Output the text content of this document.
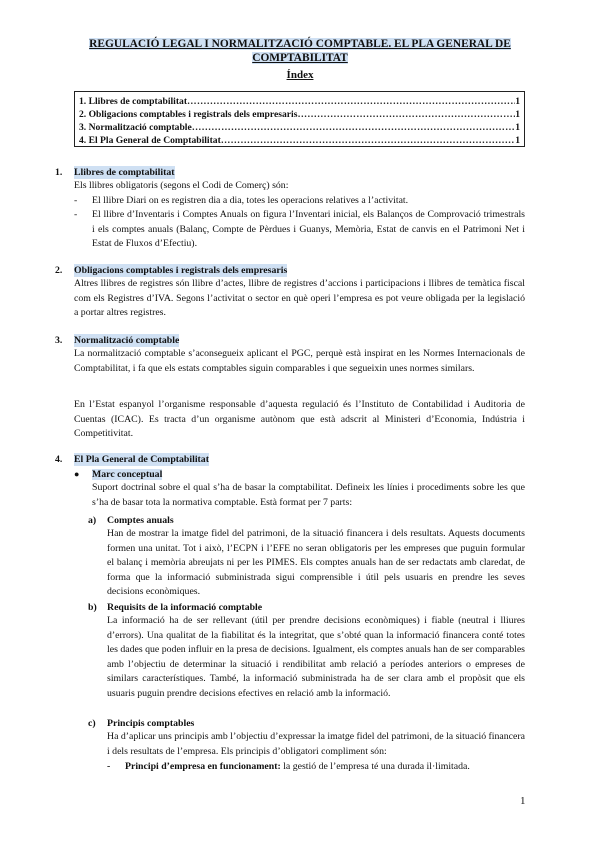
REGULACIÓ LEGAL I NORMALITZACIÓ COMPTABLE. EL PLA GENERAL DE
COMPTABILITAT
Índex
1. Llibres de comptabilitat ………………………………………………………………………………………………………………………………	1
2. Obligacions comptables i registrals dels empresaris ………………………………………………………………………………………………………………………………	1
3. Normalització comptable ………………………………………………………………………………………………………………………………	1
4. El Pla General de Comptabilitat ………………………………………………………………………………………………………………………………	1
1. Llibres de comptabilitat
Els llibres obligatoris (segons el Codi de Comerç) són:
- El llibre Diari on es registren dia a dia, totes les operacions relatives a l’activitat.
- El llibre d’Inventaris i Comptes Anuals on figura l’Inventari inicial, els Balanços de Comprovació trimestrals i els comptes anuals (Balanç, Compte de Pèrdues i Guanys, Memòria, Estat de canvis en el Patrimoni Net i Estat de Fluxos d’Efectiu).
2. Obligacions comptables i registrals dels empresaris
Altres llibres de registres són llibre d’actes, llibre de registres d’accions i participacions i llibres de temàtica fiscal com els Registres d’IVA. Segons l’activitat o sector en què operi l’empresa es pot veure obligada per la legislació a portar altres registres.
3. Normalització comptable
La normalització comptable s’aconsegueix aplicant el PGC, perquè està inspirat en les Normes Internacionals de Comptabilitat, i fa que els estats comptables siguin comparables i que segueixin unes normes similars.
En l’Estat espanyol l’organisme responsable d’aquesta regulació és l’Instituto de Contabilidad i Auditoria de Cuentas (ICAC). Es tracta d’un organisme autònom que està adscrit al Ministeri d’Economia, Indústria i Competitivitat.
4. El Pla General de Comptabilitat
● Marc conceptual
Suport doctrinal sobre el qual s’ha de basar la comptabilitat. Defineix les línies i procediments sobre les que s’ha de basar tota la normativa comptable. Està format per 7 parts:
a) Comptes anuals
Han de mostrar la imatge fidel del patrimoni, de la situació financera i dels resultats. Aquests documents formen una unitat. Tot i això, l’ECPN i l’EFE no seran obligatoris per les empreses que puguin formular el balanç i memòria abreujats ni per les PIMES. Els comptes anuals han de ser redactats amb claredat, de forma que la informació subministrada sigui comprensible i útil pels usuaris en prendre les seves decisions econòmiques.
b) Requisits de la informació comptable
La informació ha de ser rellevant (útil per prendre decisions econòmiques) i fiable (neutral i lliures d’errors). Una qualitat de la fiabilitat és la integritat, que s’obté quan la informació financera conté totes les dades que poden influir en la presa de decisions. Igualment, els comptes anuals han de ser comparables amb l’objectiu de determinar la situació i rendibilitat amb relació a períodes anteriors o empreses de similars característiques. També, la informació subministrada ha de ser clara amb el propòsit que els usuaris puguin prendre decisions efectives en relació amb la informació.
c) Principis comptables
Ha d’aplicar uns principis amb l’objectiu d’expressar la imatge fidel del patrimoni, de la situació financera i dels resultats de l’empresa. Els principis d’obligatori compliment són:
- Principi d’empresa en funcionament: la gestió de l’empresa té una durada il·limitada.
1
